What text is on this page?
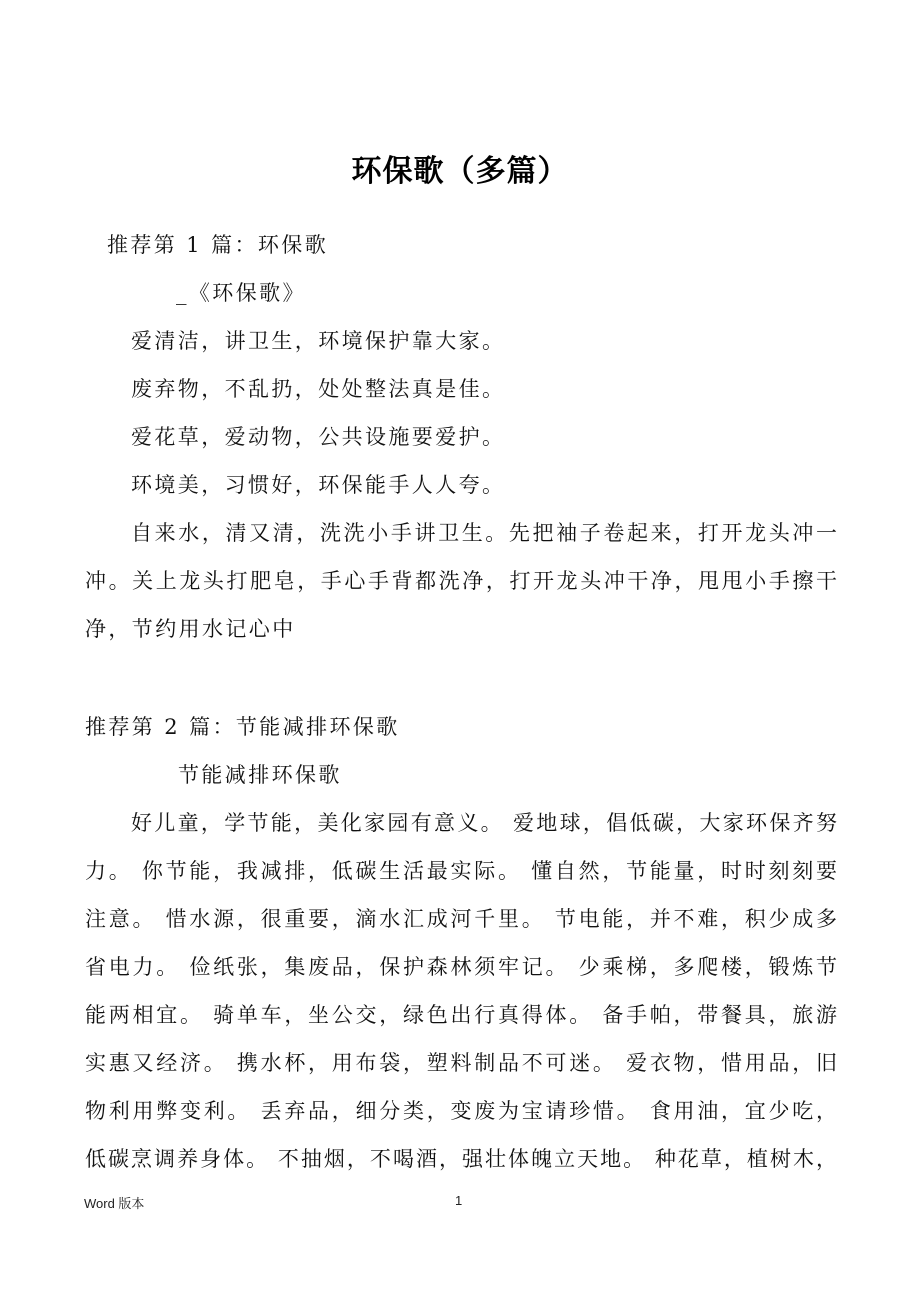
环保歌（多篇）
推荐第 1 篇：环保歌
_《环保歌》
爱清洁，讲卫生，环境保护靠大家。
废弃物，不乱扔，处处整法真是佳。
爱花草，爱动物，公共设施要爱护。
环境美，习惯好，环保能手人人夸。
自来水，清又清，洗洗小手讲卫生。先把袖子卷起来，打开龙头冲一
冲。关上龙头打肥皂，手心手背都洗净，打开龙头冲干净，甩甩小手擦干
净，节约用水记心中
推荐第 2 篇：节能减排环保歌
节能减排环保歌
好儿童，学节能，美化家园有意义。 爱地球，倡低碳，大家环保齐努
力。 你节能，我减排，低碳生活最实际。 懂自然，节能量，时时刻刻要
注意。 惜水源，很重要，滴水汇成河千里。 节电能，并不难，积少成多
省电力。 俭纸张，集废品，保护森林须牢记。 少乘梯，多爬楼，锻炼节
能两相宜。 骑单车，坐公交，绿色出行真得体。 备手帕，带餐具，旅游
实惠又经济。 携水杯，用布袋，塑料制品不可迷。 爱衣物，惜用品，旧
物利用弊变利。 丢弃品，细分类，变废为宝请珍惜。 食用油，宜少吃，
低碳烹调养身体。 不抽烟，不喝酒，强壮体魄立天地。 种花草，植树木，
Word 版本	1
